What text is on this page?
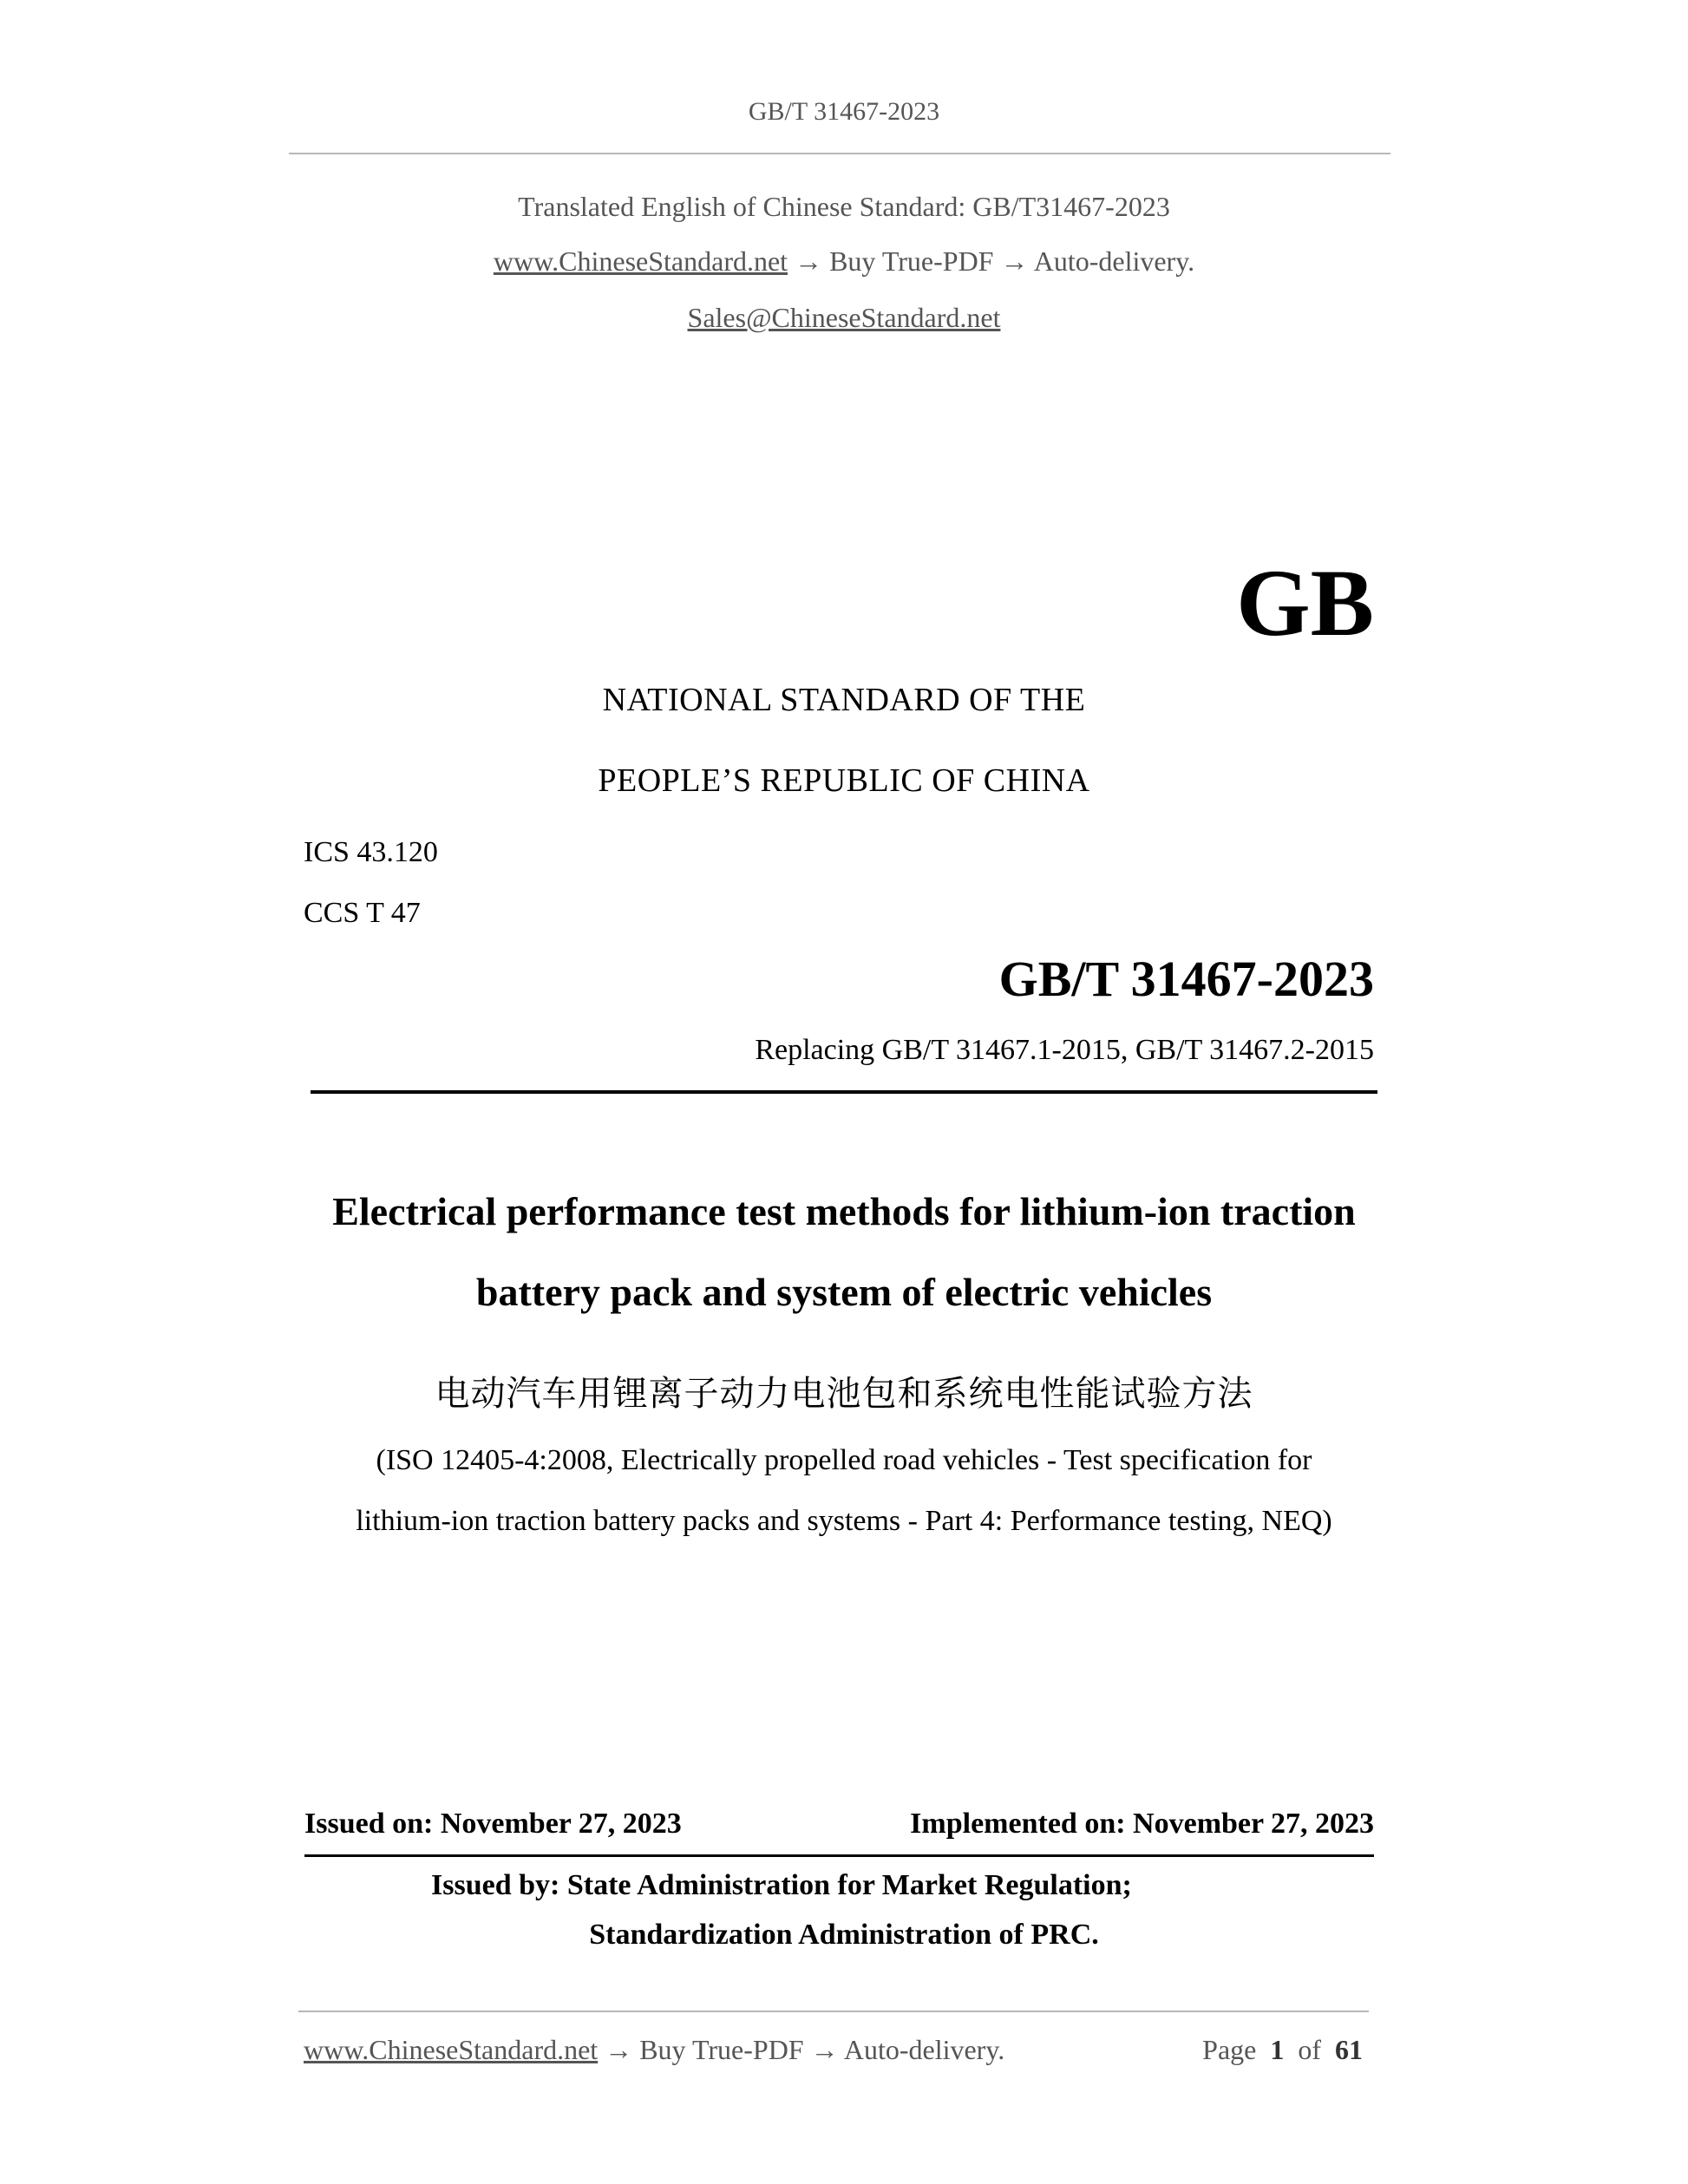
GB/T 31467-2023
Translated English of Chinese Standard: GB/T31467-2023
www.ChineseStandard.net → Buy True-PDF → Auto-delivery.
Sales@ChineseStandard.net
GB
NATIONAL STANDARD OF THE
PEOPLE’S REPUBLIC OF CHINA
ICS 43.120
CCS T 47
GB/T 31467-2023
Replacing GB/T 31467.1-2015, GB/T 31467.2-2015
Electrical performance test methods for lithium-ion traction
battery pack and system of electric vehicles
电动汽车用锂离子动力电池包和系统电性能试验方法
(ISO 12405-4:2008, Electrically propelled road vehicles - Test specification for
lithium-ion traction battery packs and systems - Part 4: Performance testing, NEQ)
Issued on: November 27, 2023	Implemented on: November 27, 2023
Issued by: State Administration for Market Regulation;
Standardization Administration of PRC.
www.ChineseStandard.net → Buy True-PDF → Auto-delivery.	Page 1 of 61
